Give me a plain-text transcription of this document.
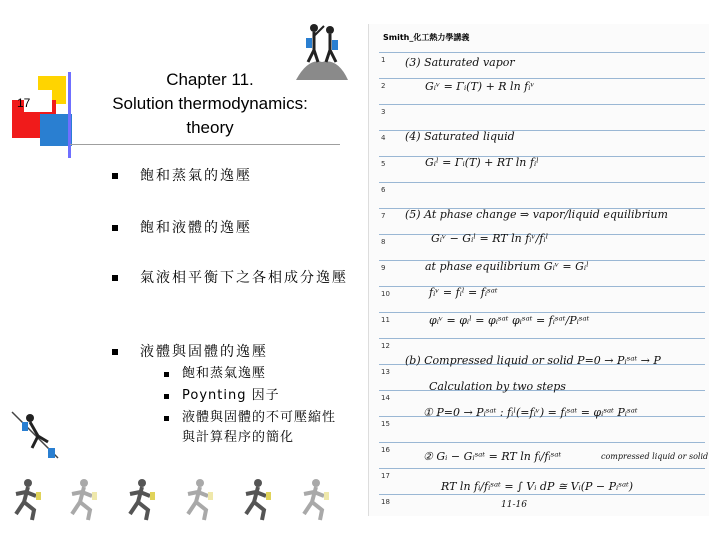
17
Chapter 11.
Solution thermodynamics:
theory
飽和蒸氣的逸壓
飽和液體的逸壓
氣液相平衡下之各相成分逸壓
液體與固體的逸壓
飽和蒸氣逸壓
Poynting 因子
液體與固體的不可壓縮性與計算程序的簡化
Smith_化工熱力學講義
1
2
3
4
5
6
7
8
9
10
11
12
13
14
15
16
17
18
(3) Saturated vapor
Gᵢᵛ = Γᵢ(T) + R ln fᵢᵛ
(4) Saturated liquid
Gᵢˡ = Γᵢ(T) + RT ln fᵢˡ
(5) At phase change ⇒ vapor/liquid equilibrium
Gᵢᵛ − Gᵢˡ = RT ln fᵢᵛ/fᵢˡ
at phase equilibrium Gᵢᵛ = Gᵢˡ
fᵢᵛ = fᵢˡ = fᵢˢᵃᵗ
φᵢᵛ = φᵢˡ = φᵢˢᵃᵗ φᵢˢᵃᵗ = fᵢˢᵃᵗ/Pᵢˢᵃᵗ
(b) Compressed liquid or solid P=0 → Pᵢˢᵃᵗ → P
Calculation by two steps
① P=0 → Pᵢˢᵃᵗ : fᵢˡ(=fᵢᵛ) = fᵢˢᵃᵗ = φᵢˢᵃᵗ Pᵢˢᵃᵗ
② Gᵢ − Gᵢˢᵃᵗ = RT ln fᵢ/fᵢˢᵃᵗ	compressed liquid or solid
RT ln fᵢ/fᵢˢᵃᵗ = ∫ Vᵢ dP ≅ Vᵢ(P − Pᵢˢᵃᵗ)
11-16
